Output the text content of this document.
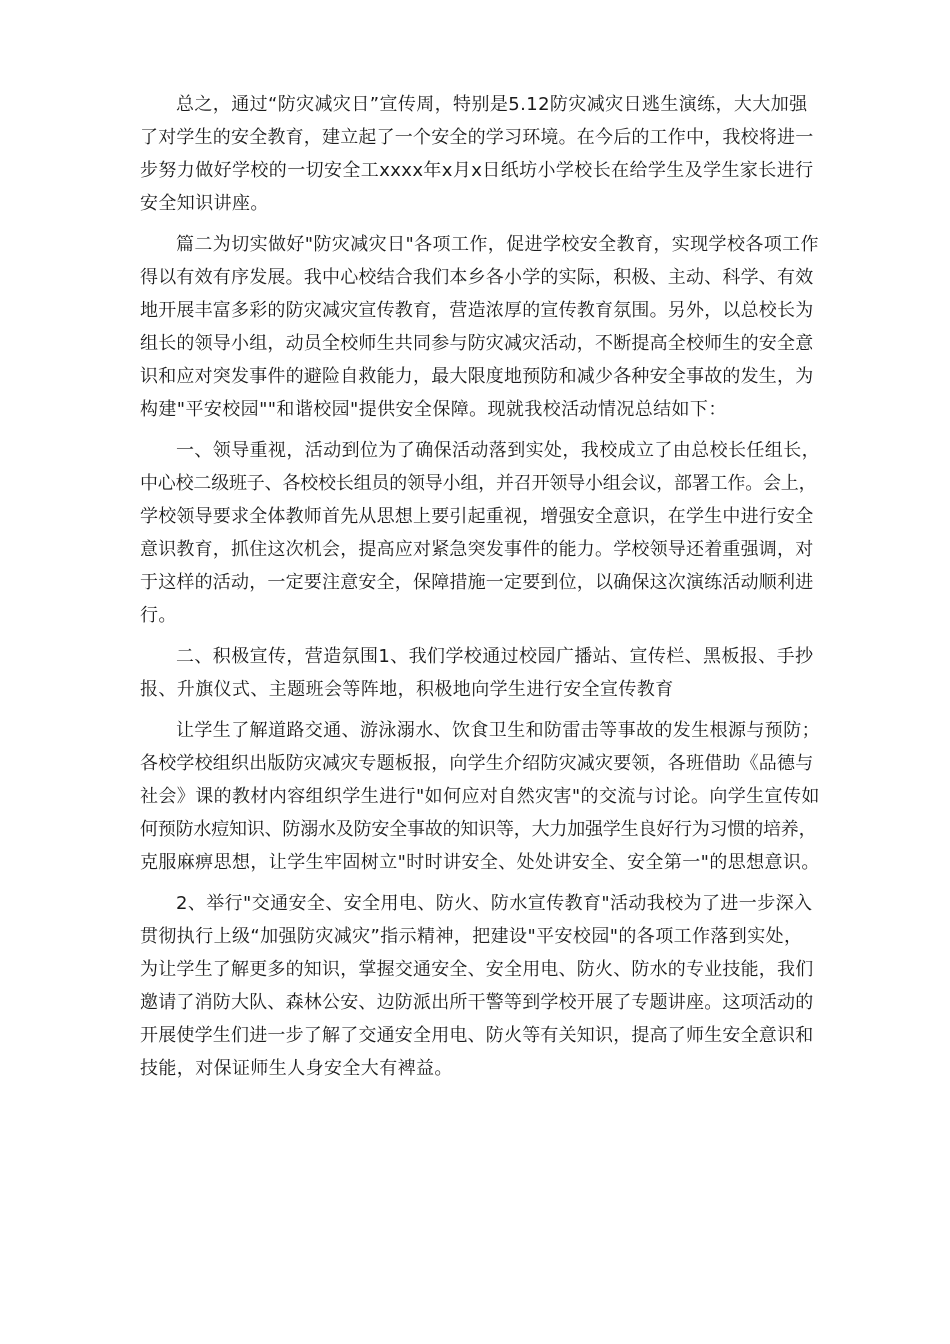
总之，通过“防灾减灾日”宣传周，特别是5.12防灾减灾日逃生演练，大大加强
了对学生的安全教育，建立起了一个安全的学习环境。在今后的工作中，我校将进一
步努力做好学校的一切安全工xxxx年x月x日纸坊小学校长在给学生及学生家长进行
安全知识讲座。
篇二为切实做好"防灾减灾日"各项工作，促进学校安全教育，实现学校各项工作
得以有效有序发展。我中心校结合我们本乡各小学的实际，积极、主动、科学、有效
地开展丰富多彩的防灾减灾宣传教育，营造浓厚的宣传教育氛围。另外，以总校长为
组长的领导小组，动员全校师生共同参与防灾减灾活动，不断提高全校师生的安全意
识和应对突发事件的避险自救能力，最大限度地预防和减少各种安全事故的发生，为
构建"平安校园""和谐校园"提供安全保障。现就我校活动情况总结如下：
一、领导重视，活动到位为了确保活动落到实处，我校成立了由总校长任组长，
中心校二级班子、各校校长组员的领导小组，并召开领导小组会议，部署工作。会上，
学校领导要求全体教师首先从思想上要引起重视，增强安全意识，在学生中进行安全
意识教育，抓住这次机会，提高应对紧急突发事件的能力。学校领导还着重强调，对
于这样的活动，一定要注意安全，保障措施一定要到位，以确保这次演练活动顺利进
行。
二、积极宣传，营造氛围1、我们学校通过校园广播站、宣传栏、黑板报、手抄
报、升旗仪式、主题班会等阵地，积极地向学生进行安全宣传教育
让学生了解道路交通、游泳溺水、饮食卫生和防雷击等事故的发生根源与预防；
各校学校组织出版防灾减灾专题板报，向学生介绍防灾减灾要领，各班借助《品德与
社会》课的教材内容组织学生进行"如何应对自然灾害"的交流与讨论。向学生宣传如
何预防水痘知识、防溺水及防安全事故的知识等，大力加强学生良好行为习惯的培养，
克服麻痹思想，让学生牢固树立"时时讲安全、处处讲安全、安全第一"的思想意识。
2、举行"交通安全、安全用电、防火、防水宣传教育"活动我校为了进一步深入
贯彻执行上级“加强防灾减灾”指示精神，把建设"平安校园"的各项工作落到实处，
为让学生了解更多的知识，掌握交通安全、安全用电、防火、防水的专业技能，我们
邀请了消防大队、森林公安、边防派出所干警等到学校开展了专题讲座。这项活动的
开展使学生们进一步了解了交通安全用电、防火等有关知识，提高了师生安全意识和
技能，对保证师生人身安全大有裨益。
